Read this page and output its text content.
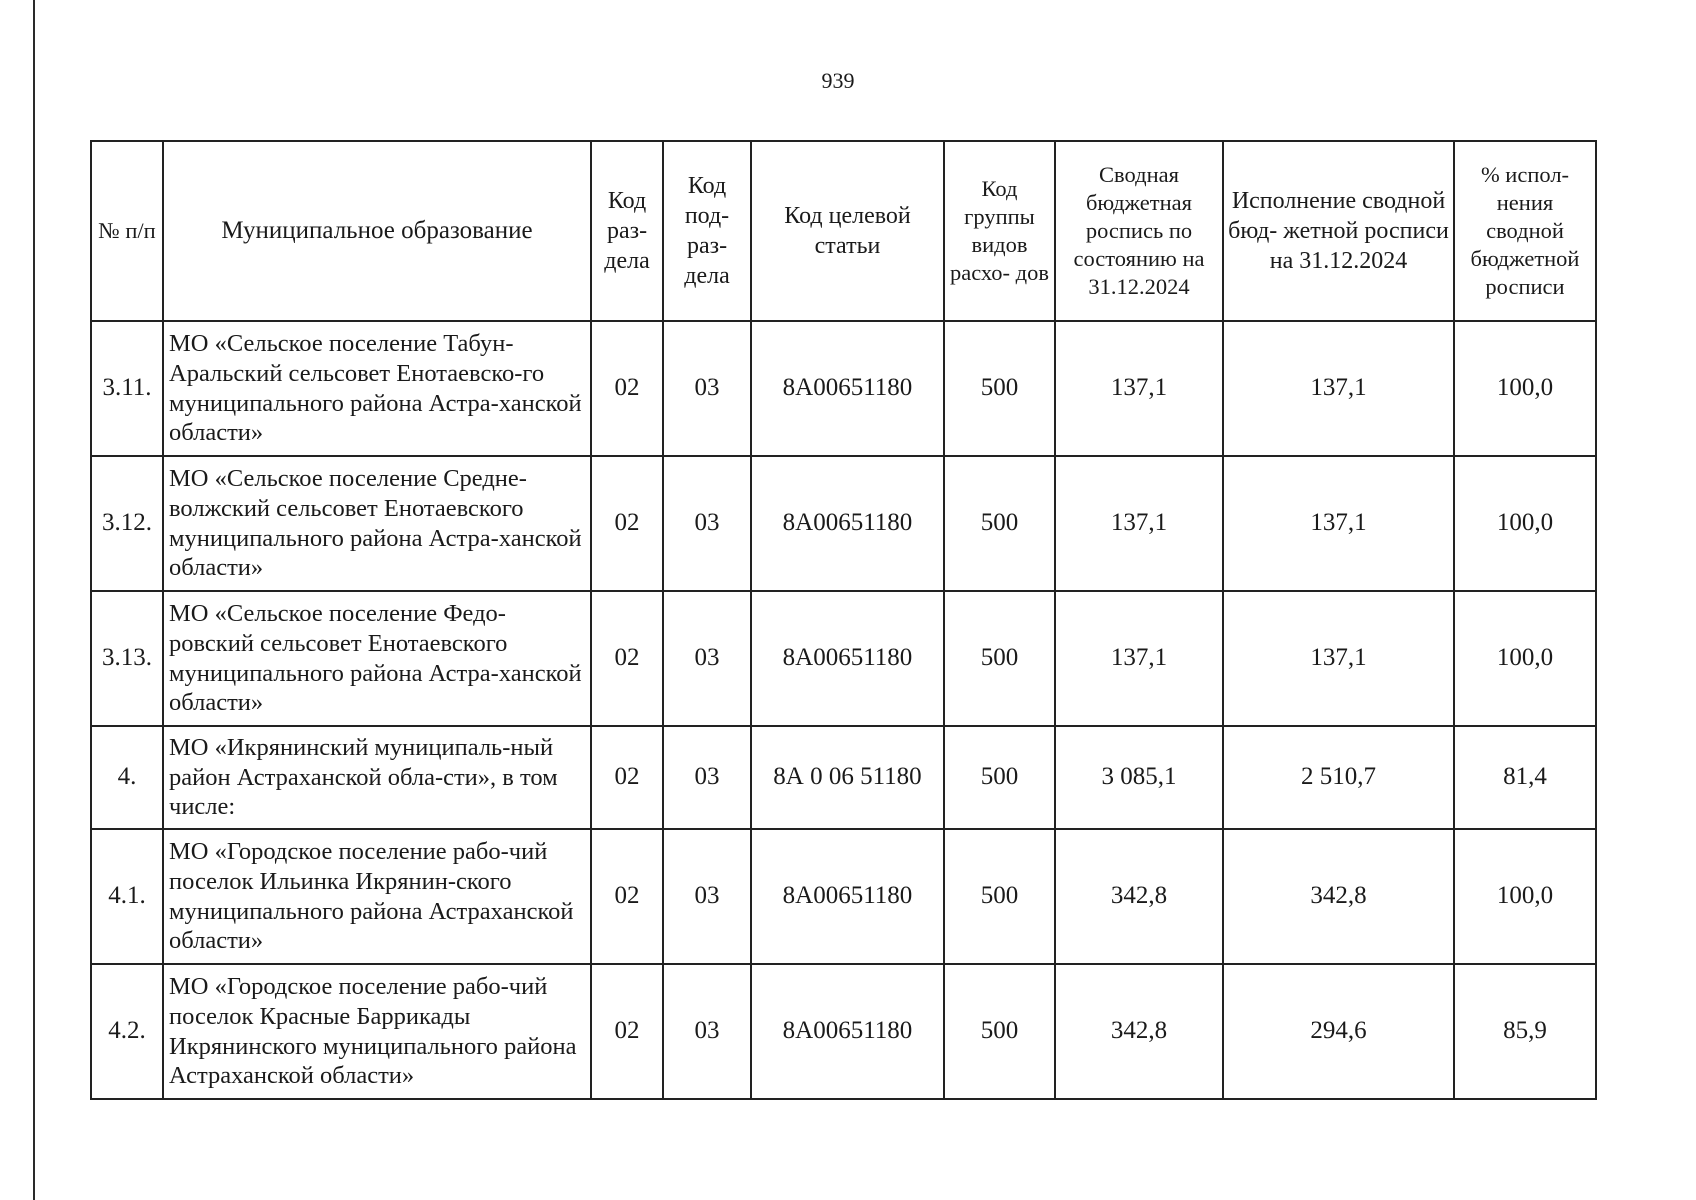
939
№ п/п	Муниципальное образование	Код раз- дела	Код под- раз- дела	Код целевой статьи	Код группы видов расхо- дов	Сводная бюджетная роспись по состоянию на 31.12.2024	Исполнение сводной бюд- жетной росписи на 31.12.2024	% испол- нения сводной бюджетной росписи
3.11.	МО «Сельское поселение Табун-Аральский сельсовет Енотаевско-го муниципального района Астра-ханской области»	02	03	8А00651180	500	137,1	137,1	100,0
3.12.	МО «Сельское поселение Средне-волжский сельсовет Енотаевского муниципального района Астра-ханской области»	02	03	8А00651180	500	137,1	137,1	100,0
3.13.	МО «Сельское поселение Федо-ровский сельсовет Енотаевского муниципального района Астра-ханской области»	02	03	8А00651180	500	137,1	137,1	100,0
4.	МО «Икрянинский муниципаль-ный район Астраханской обла-сти», в том числе:	02	03	8А 0 06 51180	500	3 085,1	2 510,7	81,4
4.1.	МО «Городское поселение рабо-чий поселок Ильинка Икрянин-ского муниципального района Астраханской области»	02	03	8А00651180	500	342,8	342,8	100,0
4.2.	МО «Городское поселение рабо-чий поселок Красные Баррикады Икрянинского муниципального района Астраханской области»	02	03	8А00651180	500	342,8	294,6	85,9
